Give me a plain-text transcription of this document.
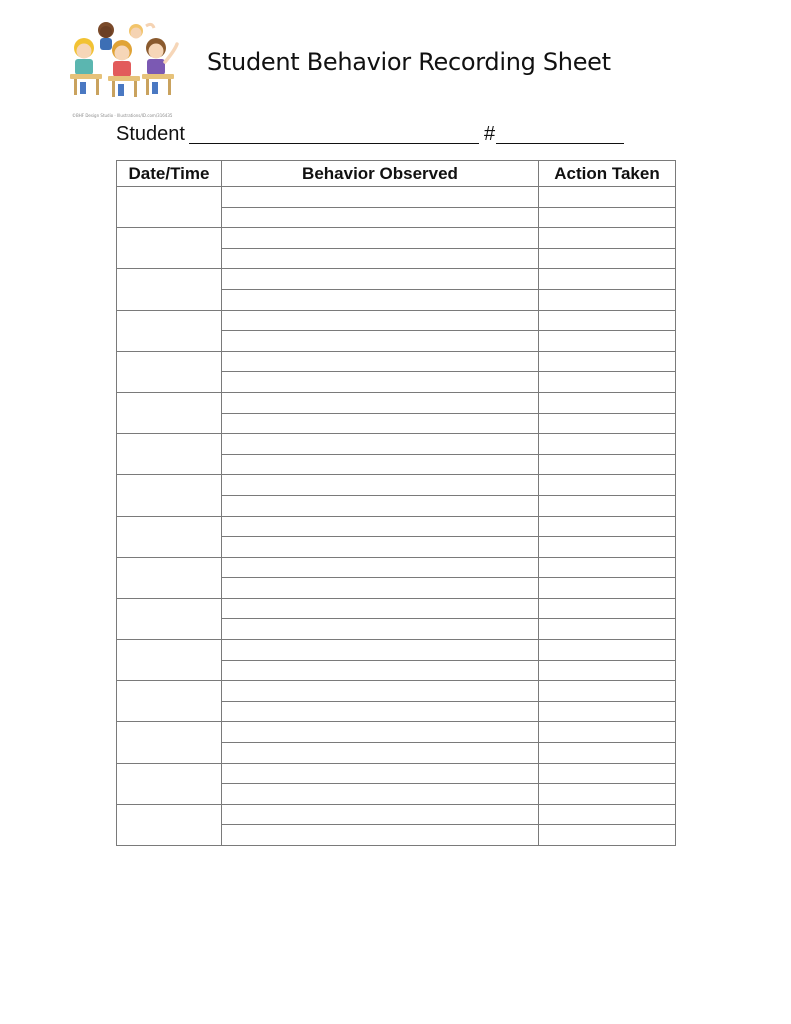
©BHF Design Studio · Illustrations/ID.com/316435
Student Behavior Recording Sheet
Student	#
Date/Time	Behavior Observed	Action Taken
